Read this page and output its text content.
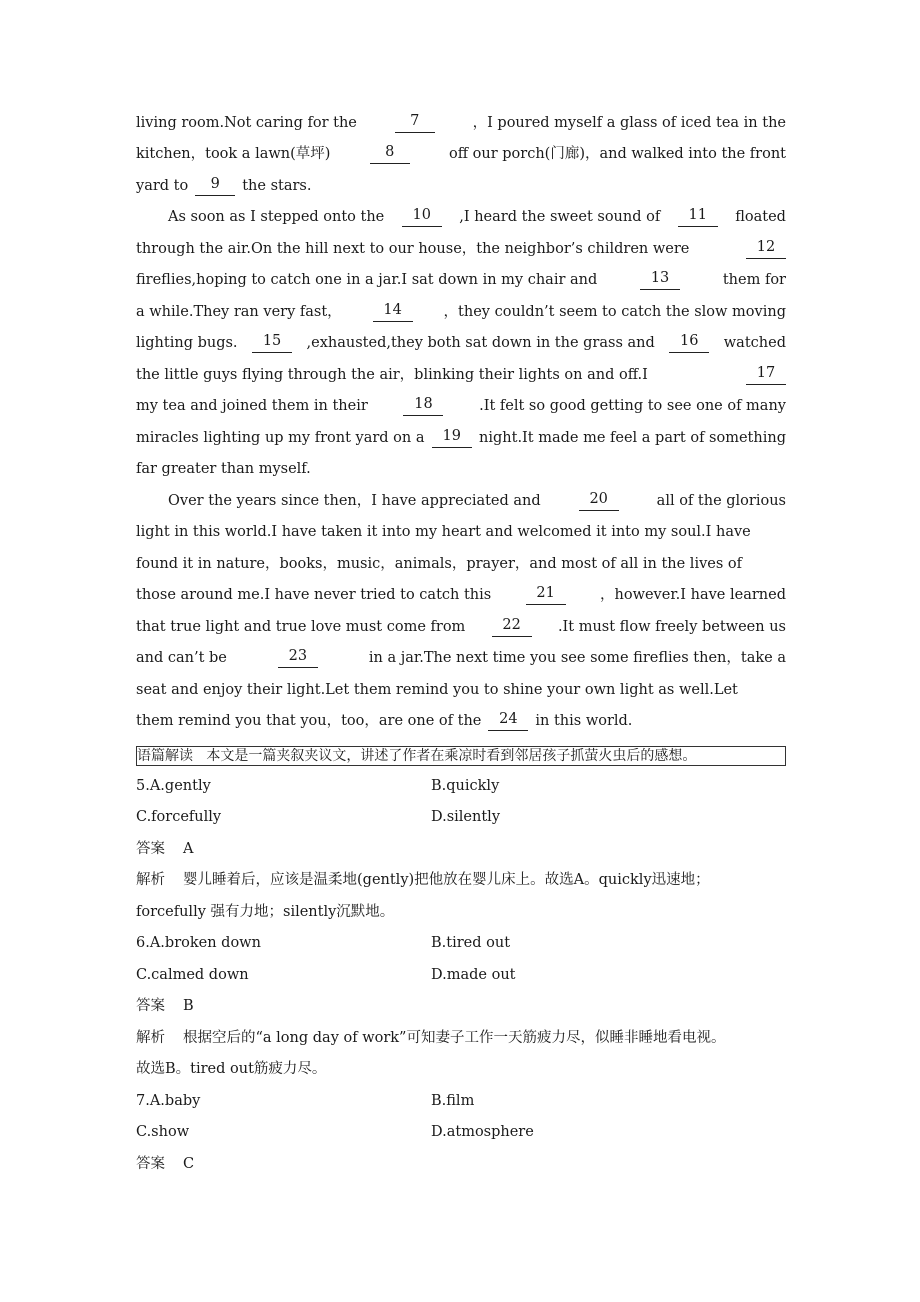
living room.Not caring for the	7	，I poured myself a glass of iced tea in the
kitchen，took a lawn(草坪)	8	off our porch(门廊)，and walked into the front
yard to	9	the stars.
As soon as I stepped onto the	10	,I heard the sweet sound of	11	floated
through the air.On the hill next to our house，the neighbor’s children were	12
fireflies,hoping to catch one in a jar.I sat down in my chair and	13	them for
a while.They ran very fast，	14	，they couldn’t seem to catch the slow moving
lighting bugs.	15	,exhausted,they both sat down in the grass and	16	watched
the little guys flying through the air，blinking their lights on and off.I	17
my tea and joined them in their	18	.It felt so good getting to see one of many
miracles lighting up my front yard on a	19	night.It made me feel a part of something
far greater than myself.
Over the years since then，I have appreciated and	20	all of the glorious
light in this world.I have taken it into my heart and welcomed it into my soul.I have
found it in nature，books，music，animals，prayer，and most of all in the lives of
those around me.I have never tried to catch this	21	，however.I have learned
that true light and true love must come from	22	.It must flow freely between us
and can’t be	23	in a jar.The next time you see some fireflies then，take a
seat and enjoy their light.Let them remind you to shine your own light as well.Let
them remind you that you，too，are one of the	24	in this world.
语篇解读 本文是一篇夹叙夹议文，讲述了作者在乘凉时看到邻居孩子抓萤火虫后的感想。
5.A.gently	B.quickly
C.forcefully	D.silently
答案 A
解析 婴儿睡着后，应该是温柔地(gently)把他放在婴儿床上。故选A。quickly迅速地；
forcefully 强有力地；silently沉默地。
6.A.broken down	B.tired out
C.calmed down	D.made out
答案 B
解析 根据空后的“a long day of work”可知妻子工作一天筋疲力尽，似睡非睡地看电视。
故选B。tired out筋疲力尽。
7.A.baby	B.film
C.show	D.atmosphere
答案 C
